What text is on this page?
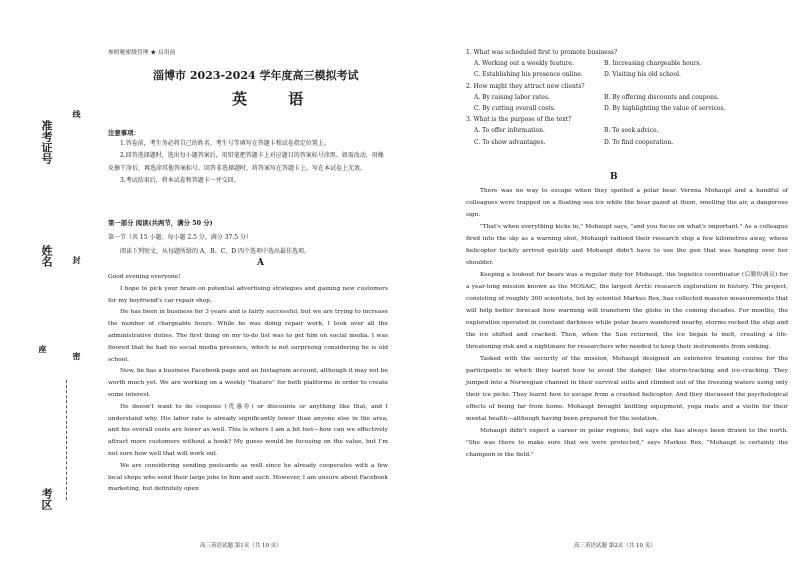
准考证号
线
姓名 封
座
密
考区
参照秘密级管理 ★ 启用前
淄博市 2023-2024 学年度高三模拟考试
英 语
注意事项：

1.答卷前，考生务必将自己的姓名、考生号等填写在答题卡和试卷指定位置上。

2.回答选择题时，选出每小题答案后，用铅笔把答题卡上对应题目的答案标号涂黑。如需改动，用橡皮擦干净后，再选涂其他答案标号。回答非选择题时，将答案写在答题卡上。写在本试卷上无效。

3.考试结束后，将本试卷和答题卡一并交回。

第一部分 阅读(共两节，满分 50 分)
第一节（共 15 小题；每小题 2.5 分，满分 37.5 分）
阅读下列短文，从每题所给的 A、B、C、D 四个选项中选出最佳选项。
A

Good evening everyone!

I hope to pick your brain on potential advertising strategies and gaining new customers for my boyfriend's car repair shop.

He has been in business for 3 years and is fairly successful, but we are trying to increase the number of chargeable hours. While he was doing repair work, I took over all the administrative duties. The first thing on my to-do list was to get him on social media. I was floored that he had no social media presence, which is not surprising considering he is old school.

Now, he has a business Facebook page and an Instagram account, although it may not be worth much yet. We are working on a weekly "feature" for both platforms in order to create some interest.

He doesn't want to do coupons (优惠券) or discounts or anything like that, and I understand why. His labor rate is already significantly lower than anyone else in the area, and his overall costs are lower as well. This is where I am a bit lost—how can we effectively attract more customers without a hook? My guess would be focusing on the value, but I'm not sure how well that will work out.

We are considering sending postcards as well since he already cooperates with a few local shops who send their large jobs to him and such. However, I am unsure about Facebook marketing, but definitely open

高三英语试题 第1页（共 10 页）

1. What was scheduled first to promote business?

A. Working out a weekly feature.	B. Increasing chargeable hours.
C. Establishing his presence online.	D. Visiting his old school.

2. How might they attract new clients?

A. By raising labor rates.	B. By offering discounts and coupons.
C. By cutting overall costs.	D. By highlighting the value of services.

3. What is the purpose of the text?

A. To offer information.	B. To seek advice.
C. To show advantages.	D. To find cooperation.
B

There was no way to escape when they spotted a polar bear. Verena Mohaupt and a handful of colleagues were trapped on a floating sea ice while the bear gazed at them, smelling the air, a dangerous sign.

"That's when everything kicks in," Mohaupt says, "and you focus on what's important." As a colleague fired into the sky as a warning shot, Mohaupt radioed their research ship a few kilometres away, whose helicopter luckily arrived quickly and Mohaupt didn't have to use the gun that was hanging over her shoulder.

Keeping a lookout for bears was a regular duty for Mohaupt, the logistics coordinator (后勤协调员) for a year-long mission known as the MOSAiC, the largest Arctic research exploration in history. The project, consisting of roughly 300 scientists, led by scientist Markus Rex, has collected massive measurements that will help better forecast how warming will transform the globe in the coming decades. For months, the exploration operated in constant darkness while polar bears wandered nearby, storms rocked the ship and the ice shifted and cracked. Then, when the Sun returned, the ice began to melt, creating a life-threatening risk and a nightmare for researchers who needed to keep their instruments from sinking.

Tasked with the security of the mission, Mohaupt designed an extensive training course for the participants in which they learnt how to avoid the danger, like storm-tracking and ice-cracking. They jumped into a Norwegian channel in their survival suits and climbed out of the freezing waters using only their ice picks. They learnt how to escape from a crashed helicopter. And they discussed the psychological effects of being far from home. Mohaupt brought knitting equipment, yoga mats and a violin for their mental health—although having been prepared for the isolation.

Mohaupt didn't expect a career in polar regions, but says she has always been drawn to the north. "She was there to make sure that we were protected," says Markus Rex, "Mohaupt is certainly the champion in the field."

高三英语试题 第2页（共 10 页）
